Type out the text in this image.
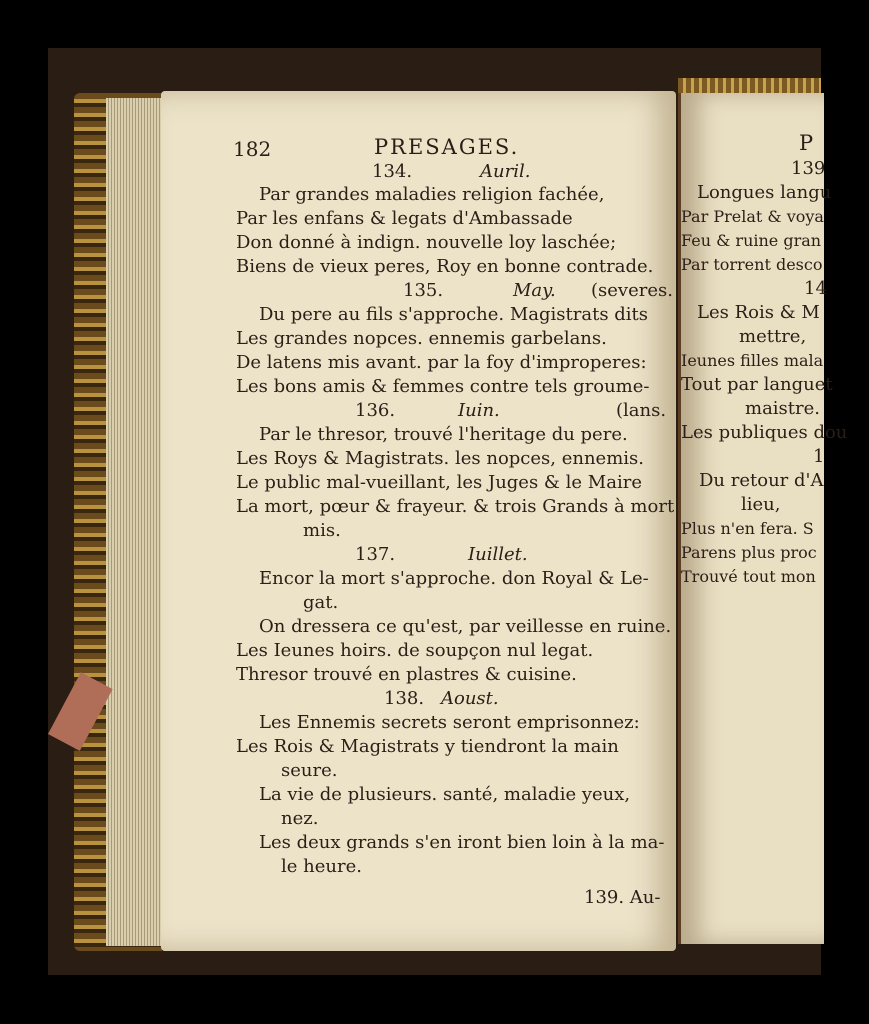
182	PRESAGES.
134.	Auril.
Par grandes maladies religion fachée,
Par les enfans & legats d'Ambassade
Don donné à indign. nouvelle loy laschée;
Biens de vieux peres, Roy en bonne contrade.
135.	May. (severes.
Du pere au fils s'approche. Magistrats dits
Les grandes nopces. ennemis garbelans.
De latens mis avant. par la foy d'improperes:
Les bons amis & femmes contre tels groume-
136.	Iuin.	(lans.
Par le thresor, trouvé l'heritage du pere.
Les Roys & Magistrats. les nopces, ennemis.
Le public mal-vueillant, les Juges & le Maire
La mort, pœur & frayeur. & trois Grands à mort
mis.
137.	Iuillet.
Encor la mort s'approche. don Royal & Le-
gat.
On dressera ce qu'est, par veillesse en ruine.
Les Ieunes hoirs. de soupçon nul legat.
Thresor trouvé en plastres & cuisine.
138. Aoust.
Les Ennemis secrets seront emprisonnez:
Les Rois & Magistrats y tiendront la main
seure.
La vie de plusieurs. santé, maladie yeux,
nez.
Les deux grands s'en iront bien loin à la ma-
le heure.
139. Au-
P
139
Longues langu
Par Prelat & voya
Feu & ruine gran
Par torrent desco
14
Les Rois & M
mettre,
Ieunes filles mala
Tout par languet
maistre.
Les publiques dou
1
Du retour d'A
lieu,
Plus n'en fera. S
Parens plus proc
Trouvé tout mon
